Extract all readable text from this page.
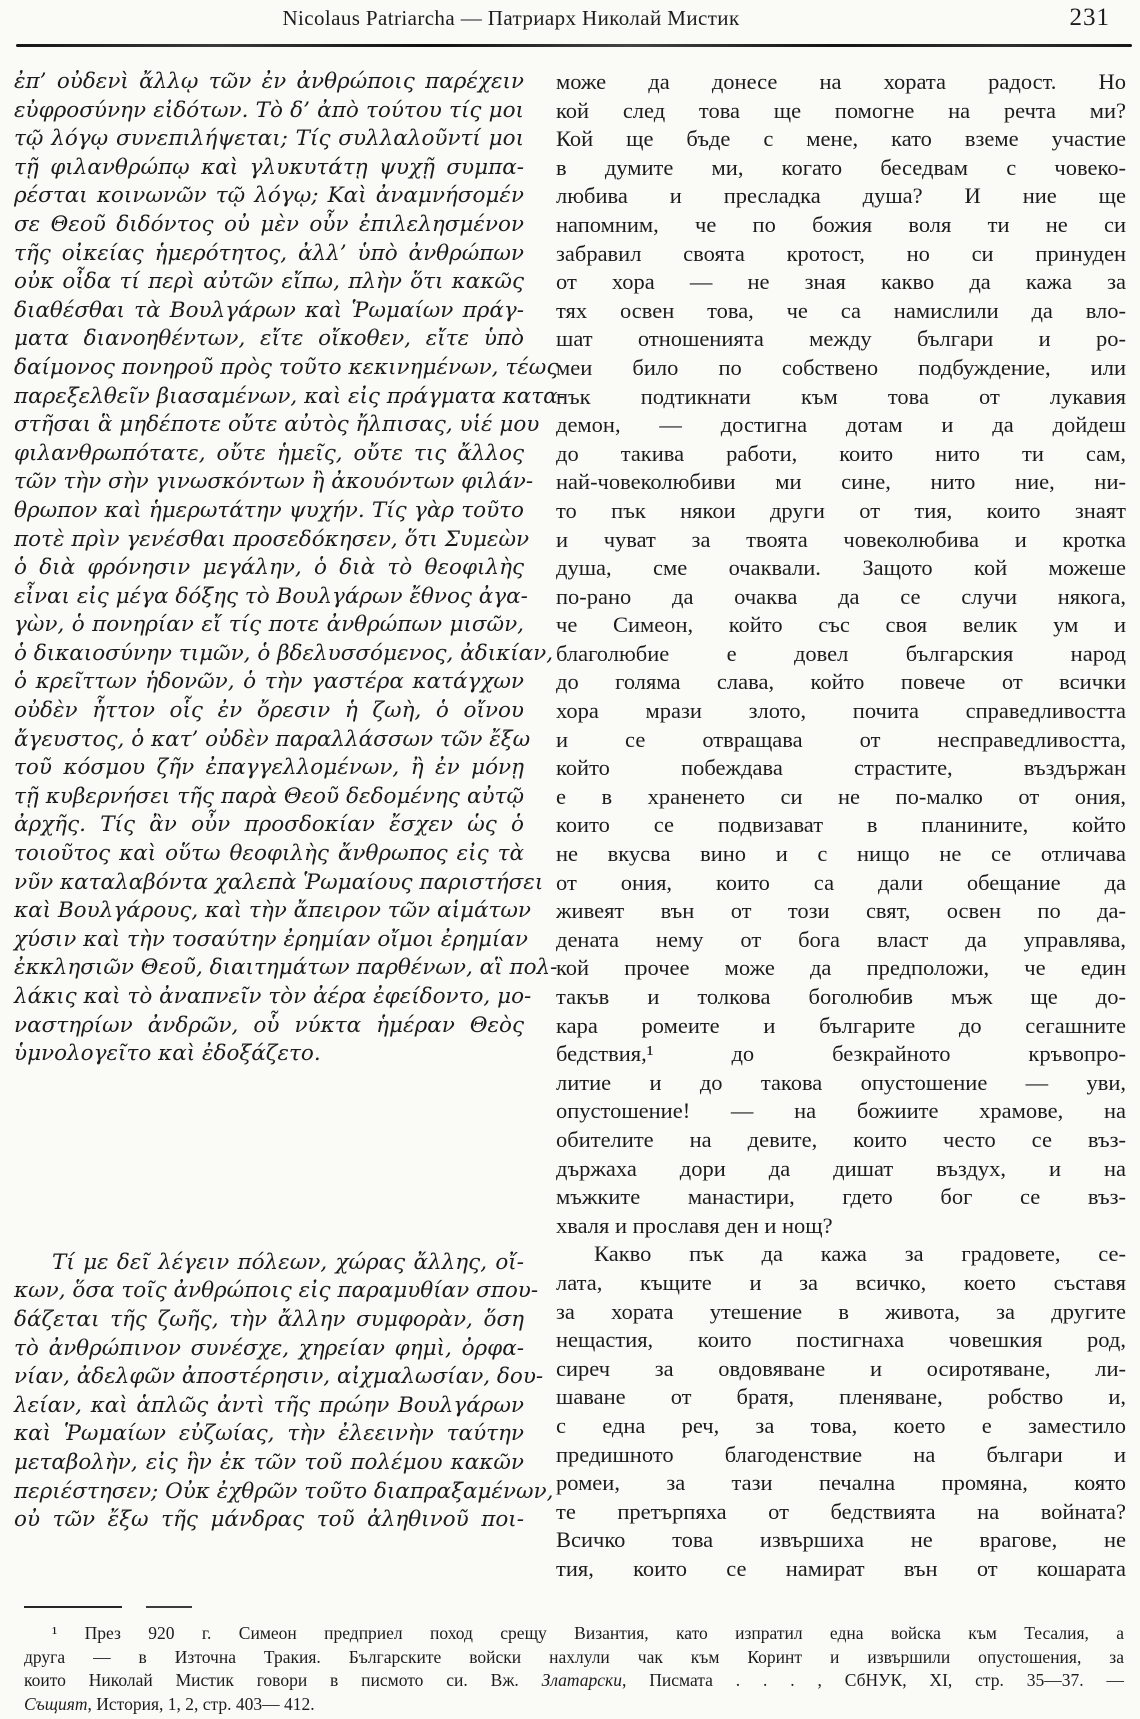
Nicolaus Patriarcha — Патриарх Николай Мистик	231
ἐπ’ οὐδενὶ ἄλλῳ τῶν ἐν ἀνθρώποις παρέχειν
εὐφροσύνην εἰδότων. Τὸ δ’ ἀπὸ τούτου τίς μοι
τῷ λόγῳ συνεπιλήψεται; Τίς συλλαλοῦντί μοι
τῇ φιλανθρώπῳ καὶ γλυκυτάτῃ ψυχῇ συμπα-
ρέσται κοινωνῶν τῷ λόγῳ; Καὶ ἀναμνήσομέν
σε Θεοῦ διδόντος οὐ μὲν οὖν ἐπιλελησμένον
τῆς οἰκείας ἡμερότητος, ἀλλ’ ὑπὸ ἀνθρώπων
οὐκ οἶδα τί περὶ αὐτῶν εἴπω, πλὴν ὅτι κακῶς
διαθέσθαι τὰ Βουλγάρων καὶ Ῥωμαίων πράγ-
ματα διανοηθέντων, εἴτε οἴκοθεν, εἴτε ὑπὸ
δαίμονος πονηροῦ πρὸς τοῦτο κεκινημένων, τέως
παρεξελθεῖν βιασαμένων, καὶ εἰς πράγματα κατα-
στῆσαι ἃ μηδέποτε οὔτε αὐτὸς ἤλπισας, υἱέ μου
φιλανθρωπότατε, οὔτε ἡμεῖς, οὔτε τις ἄλλος
τῶν τὴν σὴν γινωσκόντων ἢ ἀκουόντων φιλάν-
θρωπον καὶ ἡμερωτάτην ψυχήν. Τίς γὰρ τοῦτο
ποτὲ πρὶν γενέσθαι προσεδόκησεν, ὅτι Συμεὼν
ὁ διὰ φρόνησιν μεγάλην, ὁ διὰ τὸ θεοφιλὴς
εἶναι εἰς μέγα δόξης τὸ Βουλγάρων ἔθνος ἀγα-
γὼν, ὁ πονηρίαν εἴ τίς ποτε ἀνθρώπων μισῶν,
ὁ δικαιοσύνην τιμῶν, ὁ βδελυσσόμενος, ἀδικίαν,
ὁ κρεῖττων ἡδονῶν, ὁ τὴν γαστέρα κατάγχων
οὐδὲν ἧττον οἷς ἐν ὄρεσιν ἡ ζωὴ, ὁ οἴνου
ἄγευστος, ὁ κατ’ οὐδὲν παραλλάσσων τῶν ἔξω
τοῦ κόσμου ζῆν ἐπαγγελλομένων, ἢ ἐν μόνῃ
τῇ κυβερνήσει τῆς παρὰ Θεοῦ δεδομένης αὐτῷ
ἀρχῆς. Τίς ἂν οὖν προσδοκίαν ἔσχεν ὡς ὁ
τοιοῦτος καὶ οὕτω θεοφιλὴς ἄνθρωπος εἰς τὰ
νῦν καταλαβόντα χαλεπὰ Ῥωμαίους παριστήσει
καὶ Βουλγάρους, καὶ τὴν ἄπειρον τῶν αἱμάτων
χύσιν καὶ τὴν τοσαύτην ἐρημίαν οἴμοι ἐρημίαν
ἐκκλησιῶν Θεοῦ, διαιτημάτων παρθένων, αἳ πολ-
λάκις καὶ τὸ ἀναπνεῖν τὸν ἀέρα ἐφείδοντο, μο-
ναστηρίων ἀνδρῶν, οὗ νύκτα ἡμέραν Θεὸς
ὑμνολογεῖτο καὶ ἐδοξάζετο.
Τί με δεῖ λέγειν πόλεων, χώρας ἄλλης, οἴ-
κων, ὅσα τοῖς ἀνθρώποις εἰς παραμυθίαν σπου-
δάζεται τῆς ζωῆς, τὴν ἄλλην συμφορὰν, ὅση
τὸ ἀνθρώπινον συνέσχε, χηρείαν φημὶ, ὀρφα-
νίαν, ἀδελφῶν ἀποστέρησιν, αἰχμαλωσίαν, δου-
λείαν, καὶ ἁπλῶς ἀντὶ τῆς πρώην Βουλγάρων
καὶ Ῥωμαίων εὐζωίας, τὴν ἐλεεινὴν ταύτην
μεταβολὴν, εἰς ἣν ἐκ τῶν τοῦ πολέμου κακῶν
περιέστησεν; Οὐκ ἐχθρῶν τοῦτο διαπραξαμένων,
οὐ τῶν ἔξω τῆς μάνδρας τοῦ ἀληθινοῦ ποι-
може да донесе на хората радост. Но
кой след това ще помогне на речта ми?
Кой ще бъде с мене, като вземе участие
в думите ми, когато беседвам с човеко-
любива и пресладка душа? И ние ще
напомним, че по божия воля ти не си
забравил своята кротост, но си принуден
от хора — не зная какво да кажа за
тях освен това, че са намислили да вло-
шат отношенията между българи и ро-
меи било по собствено подбуждение, или
пък подтикнати към това от лукавия
демон, — достигна дотам и да дойдеш
до такива работи, които нито ти сам,
най-човеколюбиви ми сине, нито ние, ни-
то пък някои други от тия, които знаят
и чуват за твоята човеколюбива и кротка
душа, сме очаквали. Защото кой можеше
по-рано да очаква да се случи някога,
че Симеон, който със своя велик ум и
благолюбие е довел българския народ
до голяма слава, който повече от всички
хора мрази злото, почита справедливостта
и се отвращава от несправедливостта,
който побеждава страстите, въздържан
е в храненето си не по-малко от ония,
които се подвизават в планините, който
не вкусва вино и с нищо не се отличава
от ония, които са дали обещание да
живеят вън от този свят, освен по да-
дената нему от бога власт да управлява,
кой прочее може да предположи, че един
такъв и толкова боголюбив мъж ще до-
кара ромеите и българите до сегашните
бедствия,¹ до безкрайното кръвопро-
литие и до такова опустошение — уви,
опустошение! — на божиите храмове, на
обителите на девите, които често се въз-
държаха дори да дишат въздух, и на
мъжките манастири, гдето бог се въз-
хваля и прославя ден и нощ?
Какво пък да кажа за градовете, се-
лата, къщите и за всичко, което съставя
за хората утешение в живота, за другите
нещастия, които постигнаха човешкия род,
сиреч за овдовяване и осиротяване, ли-
шаване от братя, пленяване, робство и,
с една реч, за това, което е заместило
предишното благоденствие на българи и
ромеи, за тази печална промяна, която
те претърпяха от бедствията на войната?
Всичко това извършиха не врагове, не
тия, които се намират вън от кошарата
¹ През 920 г. Симеон предприел поход срещу Византия, като изпратил една войска към Тесалия, а
друга — в Източна Тракия. Българските войски нахлули чак към Коринт и извършили опустошения, за
които Николай Мистик говори в писмото си. Вж. Златарски, Писмата . . . , СбНУК, XI, стр. 35—37. —
Същият, История, 1, 2, стр. 403— 412.
